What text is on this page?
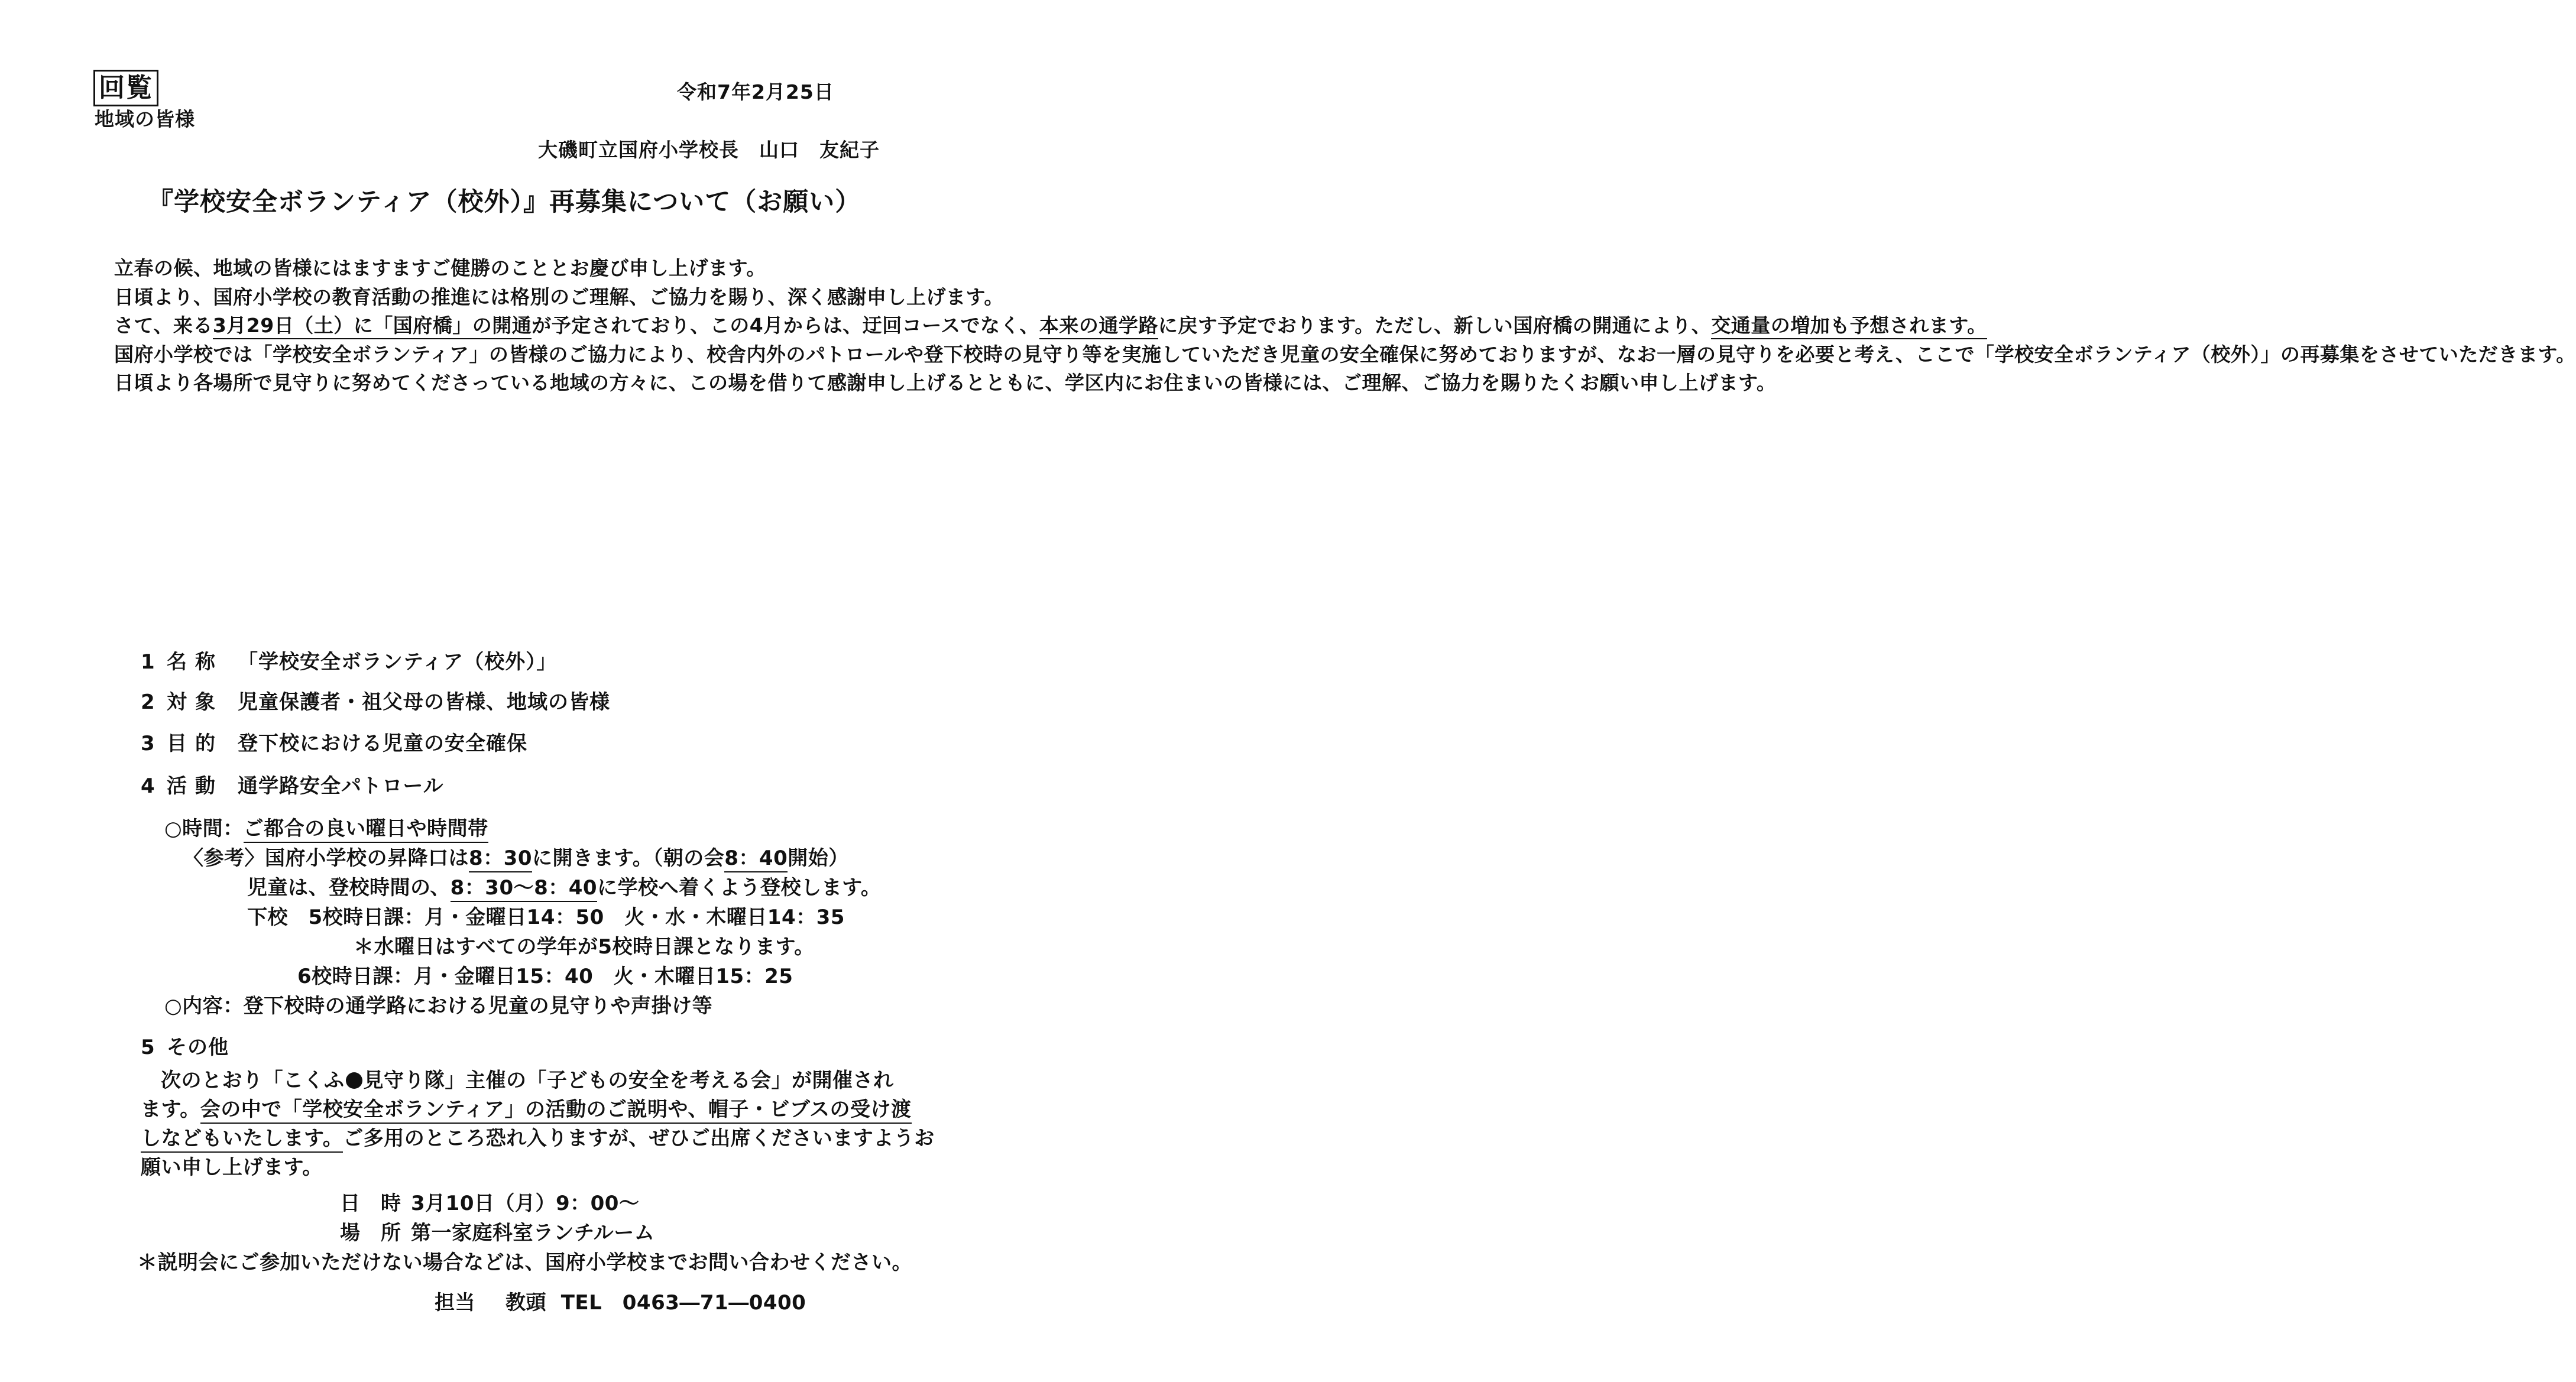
回覧	令和7年2月25日
地域の皆様
大磯町立国府小学校長　山口　友紀子
『学校安全ボランティア（校外）』再募集について（お願い）

立春の候、地域の皆様にはますますご健勝のこととお慶び申し上げます。

日頃より、国府小学校の教育活動の推進には格別のご理解、ご協力を賜り、深く感謝申し上げます。

さて、来る3月29日（土）に「国府橋」の開通が予定されており、この4月からは、迂回コースでなく、本来の通学路に戻す予定でおります。ただし、新しい国府橋の開通により、交通量の増加も予想されます。

国府小学校では「学校安全ボランティア」の皆様のご協力により、校舎内外のパトロールや登下校時の見守り等を実施していただき児童の安全確保に努めておりますが、なお一層の見守りを必要と考え、ここで「学校安全ボランティア（校外）」の再募集をさせていただきます。

日頃より各場所で見守りに努めてくださっている地域の方々に、この場を借りて感謝申し上げるとともに、学区内にお住まいの皆様には、ご理解、ご協力を賜りたくお願い申し上げます。

1 名称 「学校安全ボランティア（校外）」
2 対象 児童保護者・祖父母の皆様、地域の皆様
3 目的 登下校における児童の安全確保
4 活動 通学路安全パトロール
○時間：ご都合の良い曜日や時間帯
〈参考〉国府小学校の昇降口は8：30に開きます。（朝の会8：40開始）
児童は、登校時間の、8：30～8：40に学校へ着くよう登校します。
下校　5校時日課：月・金曜日14：50　火・水・木曜日14：35
＊水曜日はすべての学年が5校時日課となります。
6校時日課：月・金曜日15：40　火・木曜日15：25
○内容：登下校時の通学路における児童の見守りや声掛け等
5 その他
次のとおり「こくふ 見守り隊」主催の「子どもの安全を考える会」が開催され
ます。会の中で「学校安全ボランティア」の活動のご説明や、帽子・ビブスの受け渡
しなどもいたします。ご多用のところ恐れ入りますが、ぜひご出席くださいますようお
願い申し上げます。
日　時 3月10日（月）9：00～
場　所 第一家庭科室ランチルーム
＊説明会にご参加いただけない場合などは、国府小学校までお問い合わせください。
担当 教頭 TEL　0463―71―0400
